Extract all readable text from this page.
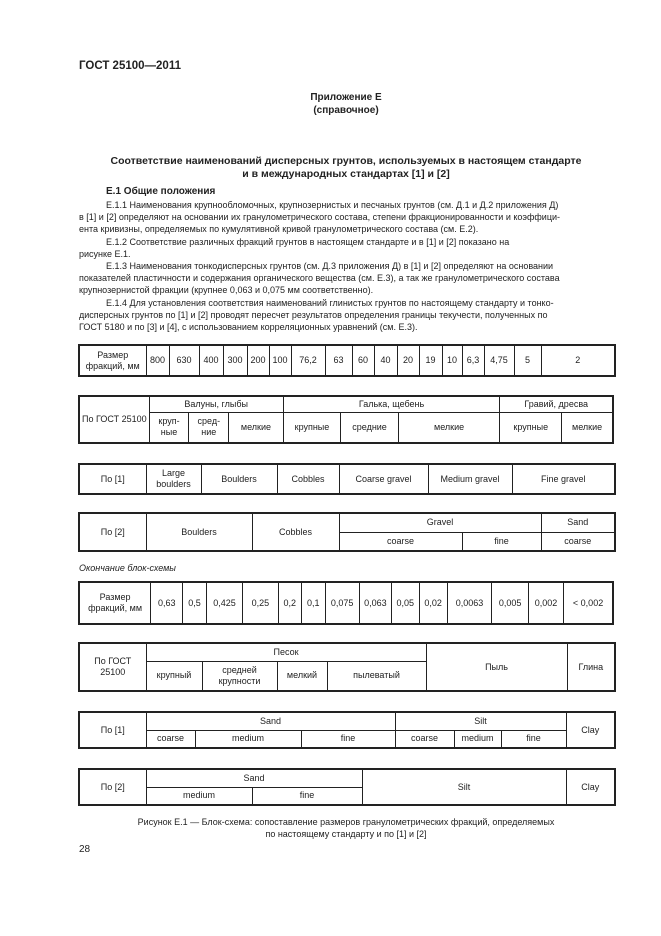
ГОСТ 25100—2011
Приложение Е
(справочное)
Соответствие наименований дисперсных грунтов, используемых в настоящем стандарте
и в международных стандартах [1] и [2]
Е.1 Общие положения

Е.1.1 Наименования крупнообломочных, крупнозернистых и песчаных грунтов (см. Д.1 и Д.2 приложения Д)

в [1] и [2] определяют на основании их гранулометрического состава, степени фракционированности и коэффици-

ента кривизны, определяемых по кумулятивной кривой гранулометрического состава (см. Е.2).

Е.1.2 Соответствие различных фракций грунтов в настоящем стандарте и в [1] и [2] показано на

рисунке Е.1.

Е.1.3 Наименования тонкодисперсных грунтов (см. Д.3 приложения Д) в [1] и [2] определяют на основании

показателей пластичности и содержания органического вещества (см. Е.3), а так же гранулометрического состава

крупнозернистой фракции (крупнее 0,063 и 0,075 мм соответственно).

Е.1.4 Для установления соответствия наименований глинистых грунтов по настоящему стандарту и тонко-

дисперсных грунтов по [1] и [2] проводят пересчет результатов определения границы текучести, полученных по

ГОСТ 5180 и по [3] и [4], с использованием корреляционных уравнений (см. Е.3).

Размер фракций, мм	800	630	400	300	200	100	76,2	63	60	40	20	19	10	6,3	4,75	5	2
По ГОСТ 25100	Валуны, глыбы			Галька, щебень			Гравий, дресва	
	круп-ные	сред-ние	мелкие	крупные	средние	мелкие	крупные	мелкие
По [1]	Large boulders	Boulders	Cobbles	Coarse gravel	Medium gravel	Fine gravel
По [2]	Boulders	Cobbles	Gravel		Sand
			coarse	fine	coarse
Окончание блок-схемы
Размер фракций, мм	0,63	0,5	0,425	0,25	0,2	0,1	0,075	0,063	0,05	0,02	0,0063	0,005	0,002	< 0,002
По ГОСТ 25100	Песок				Пыль	Глина
	крупный	средней крупности	мелкий	пылеватый		
По [1]	Sand			Silt			Clay
	coarse	medium	fine	coarse	medium	fine	
По [2]	Sand		Silt	Clay
	medium	fine		
Рисунок Е.1 — Блок-схема: сопоставление размеров гранулометрических фракций, определяемых
по настоящему стандарту и по [1] и [2]
28
